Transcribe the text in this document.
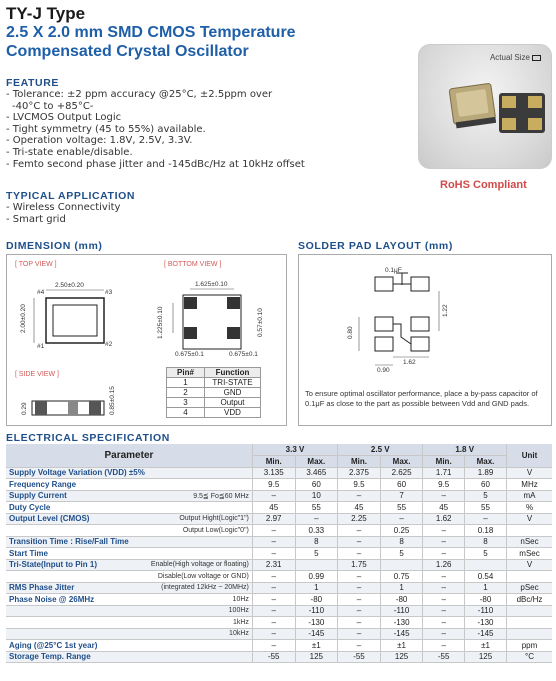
TY-J Type
2.5 X 2.0 mm SMD CMOS Temperature
Compensated Crystal Oscillator
FEATURE
- Tolerance: ±2 ppm accuracy @25°C, ±2.5ppm over
-40°C to +85°C-
- LVCMOS Output Logic
- Tight symmetry (45 to 55%) available.
- Operation voltage: 1.8V, 2.5V, 3.3V.
- Tri-state enable/disable.
- Femto second phase jitter and -145dBc/Hz at 10kHz offset
TYPICAL APPLICATION
- Wireless Connectivity
- Smart grid
Actual Size
RoHS Compliant
DIMENSION (mm)
[ TOP VIEW ]	[ BOTTOM VIEW ]
[ SIDE VIEW ]
2.50±0.20
2.00±0.20
#4	#3
#1	#2
1.625±0.10
1.225±0.10	0.57±0.10
0.675±0.1	0.675±0.1
0.29	0.85±0.15
Pin#	Function
1	TRI-STATE
2	GND
3	Output
4	VDD
SOLDER PAD LAYOUT (mm)
0.1μF
0.80
1.22
1.62
0.90
To ensure optimal oscillator performance, place a by-pass capacitor of 0.1μF as close to the part as possible between Vdd and GND pads.
ELECTRICAL SPECIFICATION
Parameter		3.3 V		2.5 V		1.8 V		Unit
		Min.	Max.	Min.	Max.	Min.	Max.	
Supply Voltage Variation (VDD) ±5%		3.135	3.465	2.375	2.625	1.71	1.89	V
Frequency Range		9.5	60	9.5	60	9.5	60	MHz
Supply Current	9.5≦ Fo≦60 MHz	–	10	–	7	–	5	mA
Duty Cycle		45	55	45	55	45	55	%
Output Level (CMOS)	Output Hight(Logic"1")	2.97	–	2.25	–	1.62	–	V
	Output Low(Logic"0")	–	0.33	–	0.25	–	0.18	
Transition Time : Rise/Fall Time		–	8	–	8	–	8	nSec
Start Time		–	5	–	5	–	5	mSec
Tri-State(Input to Pin 1)	Enable(High voltage or floating)	2.31		1.75		1.26		V
	Disable(Low voltage or GND)	–	0.99	–	0.75	–	0.54	
RMS Phase Jitter	(integrated 12kHz ~ 20MHz)	–	1	–	1	–	1	pSec
Phase Noise @ 26MHz	10Hz	–	-80	–	-80	–	-80	dBc/Hz
	100Hz	–	-110	–	-110	–	-110	
	1kHz	–	-130	–	-130	–	-130	
	10kHz	–	-145	–	-145	–	-145	
Aging (@25°C 1st year)		–	±1	–	±1	–	±1	ppm
Storage Temp. Range		-55	125	-55	125	-55	125	°C
